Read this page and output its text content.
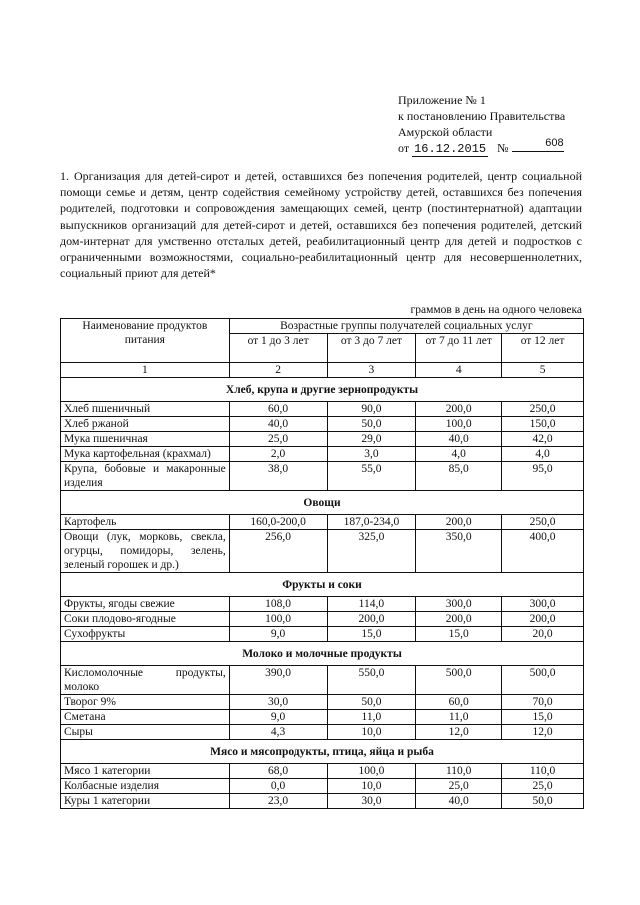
Приложение № 1
к постановлению Правительства
Амурской области
от 16.12.2015 №	608
1. Организация для детей-сирот и детей, оставшихся без попечения родителей, центр социальной помощи семье и детям, центр содействия семейному устройству детей, оставшихся без попечения родителей, подготовки и сопровождения замещающих семей, центр (постинтернатной) адаптации выпускников организаций для детей-сирот и детей, оставшихся без попечения родителей, детский дом-интернат для умственно отсталых детей, реабилитационный центр для детей и подростков с ограниченными возможностями, социально-реабилитационный центр для несовершеннолетних, социальный приют для детей*
граммов в день на одного человека
Наименование продуктов питания	Возрастные группы получателей социальных услуг			
	от 1 до 3 лет	от 3 до 7 лет	от 7 до 11 лет	от 12 лет
1	2	3	4	5
Хлеб, крупа и другие зернопродукты				
Хлеб пшеничный	60,0	90,0	200,0	250,0
Хлеб ржаной	40,0	50,0	100,0	150,0
Мука пшеничная	25,0	29,0	40,0	42,0
Мука картофельная (крахмал)	2,0	3,0	4,0	4,0
Крупа, бобовые и макаронные изделия	38,0	55,0	85,0	95,0
Овощи				
Картофель	160,0-200,0	187,0-234,0	200,0	250,0
Овощи (лук, морковь, свекла, огурцы, помидоры, зелень, зеленый горошек и др.)	256,0	325,0	350,0	400,0
Фрукты и соки				
Фрукты, ягоды свежие	108,0	114,0	300,0	300,0
Соки плодово-ягодные	100,0	200,0	200,0	200,0
Сухофрукты	9,0	15,0	15,0	20,0
Молоко и молочные продукты				
Кисломолочные продукты, молоко	390,0	550,0	500,0	500,0
Творог 9%	30,0	50,0	60,0	70,0
Сметана	9,0	11,0	11,0	15,0
Сыры	4,3	10,0	12,0	12,0
Мясо и мясопродукты, птица, яйца и рыба				
Мясо 1 категории	68,0	100,0	110,0	110,0
Колбасные изделия	0,0	10,0	25,0	25,0
Куры 1 категории	23,0	30,0	40,0	50,0
